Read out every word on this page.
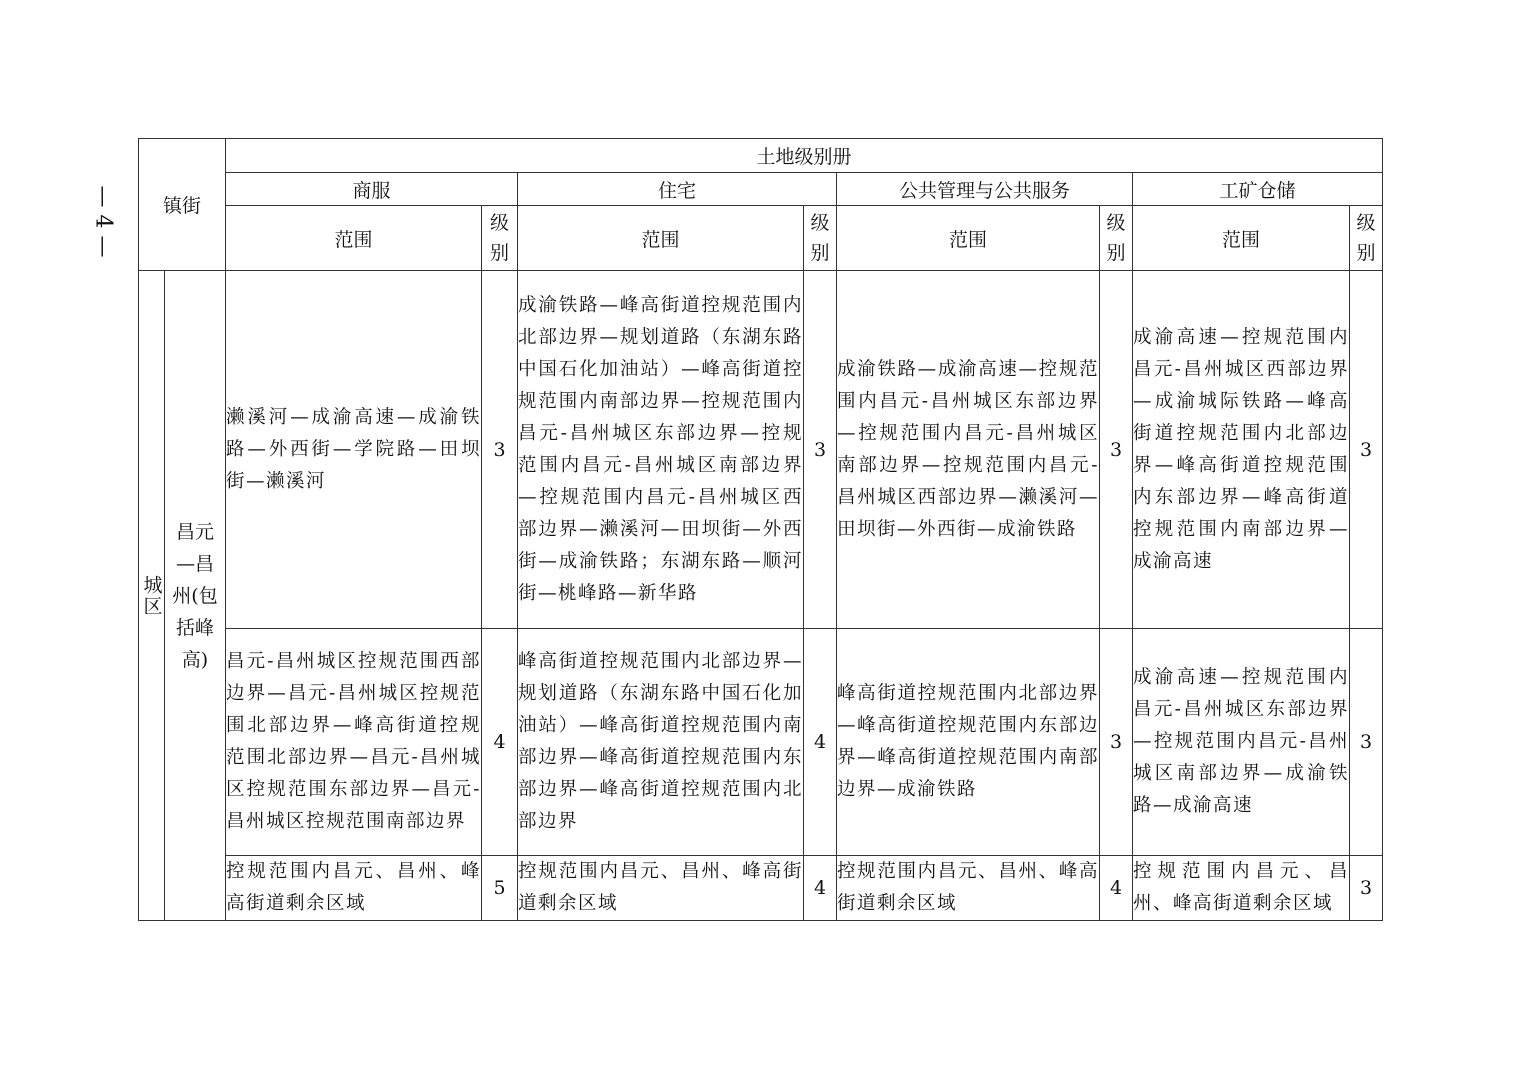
— 4 — 镇街		土地级别册							
		商服		住宅		公共管理与公共服务		工矿仓储	
		范围	级别	范围	级别	范围	级别	范围	级别
城区	昌元—昌州(包括峰高)	濑溪河—成渝高速—成渝铁路—外西街—学院路—田坝街—濑溪河	3	成渝铁路—峰高街道控规范围内北部边界—规划道路（东湖东路中国石化加油站）—峰高街道控规范围内南部边界—控规范围内昌元-昌州城区东部边界—控规范围内昌元-昌州城区南部边界—控规范围内昌元-昌州城区西部边界—濑溪河—田坝街—外西街—成渝铁路；东湖东路—顺河街—桃峰路—新华路	3	成渝铁路—成渝高速—控规范围内昌元-昌州城区东部边界—控规范围内昌元-昌州城区南部边界—控规范围内昌元-昌州城区西部边界—濑溪河—田坝街—外西街—成渝铁路	3	成渝高速—控规范围内昌元-昌州城区西部边界—成渝城际铁路—峰高街道控规范围内北部边界—峰高街道控规范围内东部边界—峰高街道控规范围内南部边界—成渝高速	3
		昌元-昌州城区控规范围西部边界—昌元-昌州城区控规范围北部边界—峰高街道控规范围北部边界—昌元-昌州城区控规范围东部边界—昌元-昌州城区控规范围南部边界	4	峰高街道控规范围内北部边界—规划道路（东湖东路中国石化加油站）—峰高街道控规范围内南部边界—峰高街道控规范围内东部边界—峰高街道控规范围内北部边界	4	峰高街道控规范围内北部边界—峰高街道控规范围内东部边界—峰高街道控规范围内南部边界—成渝铁路	3	成渝高速—控规范围内昌元-昌州城区东部边界—控规范围内昌元-昌州城区南部边界—成渝铁路—成渝高速	3
		控规范围内昌元、昌州、峰高街道剩余区域	5	控规范围内昌元、昌州、峰高街道剩余区域	4	控规范围内昌元、昌州、峰高街道剩余区域	4	控规范围内昌元、昌州、峰高街道剩余区域	3
